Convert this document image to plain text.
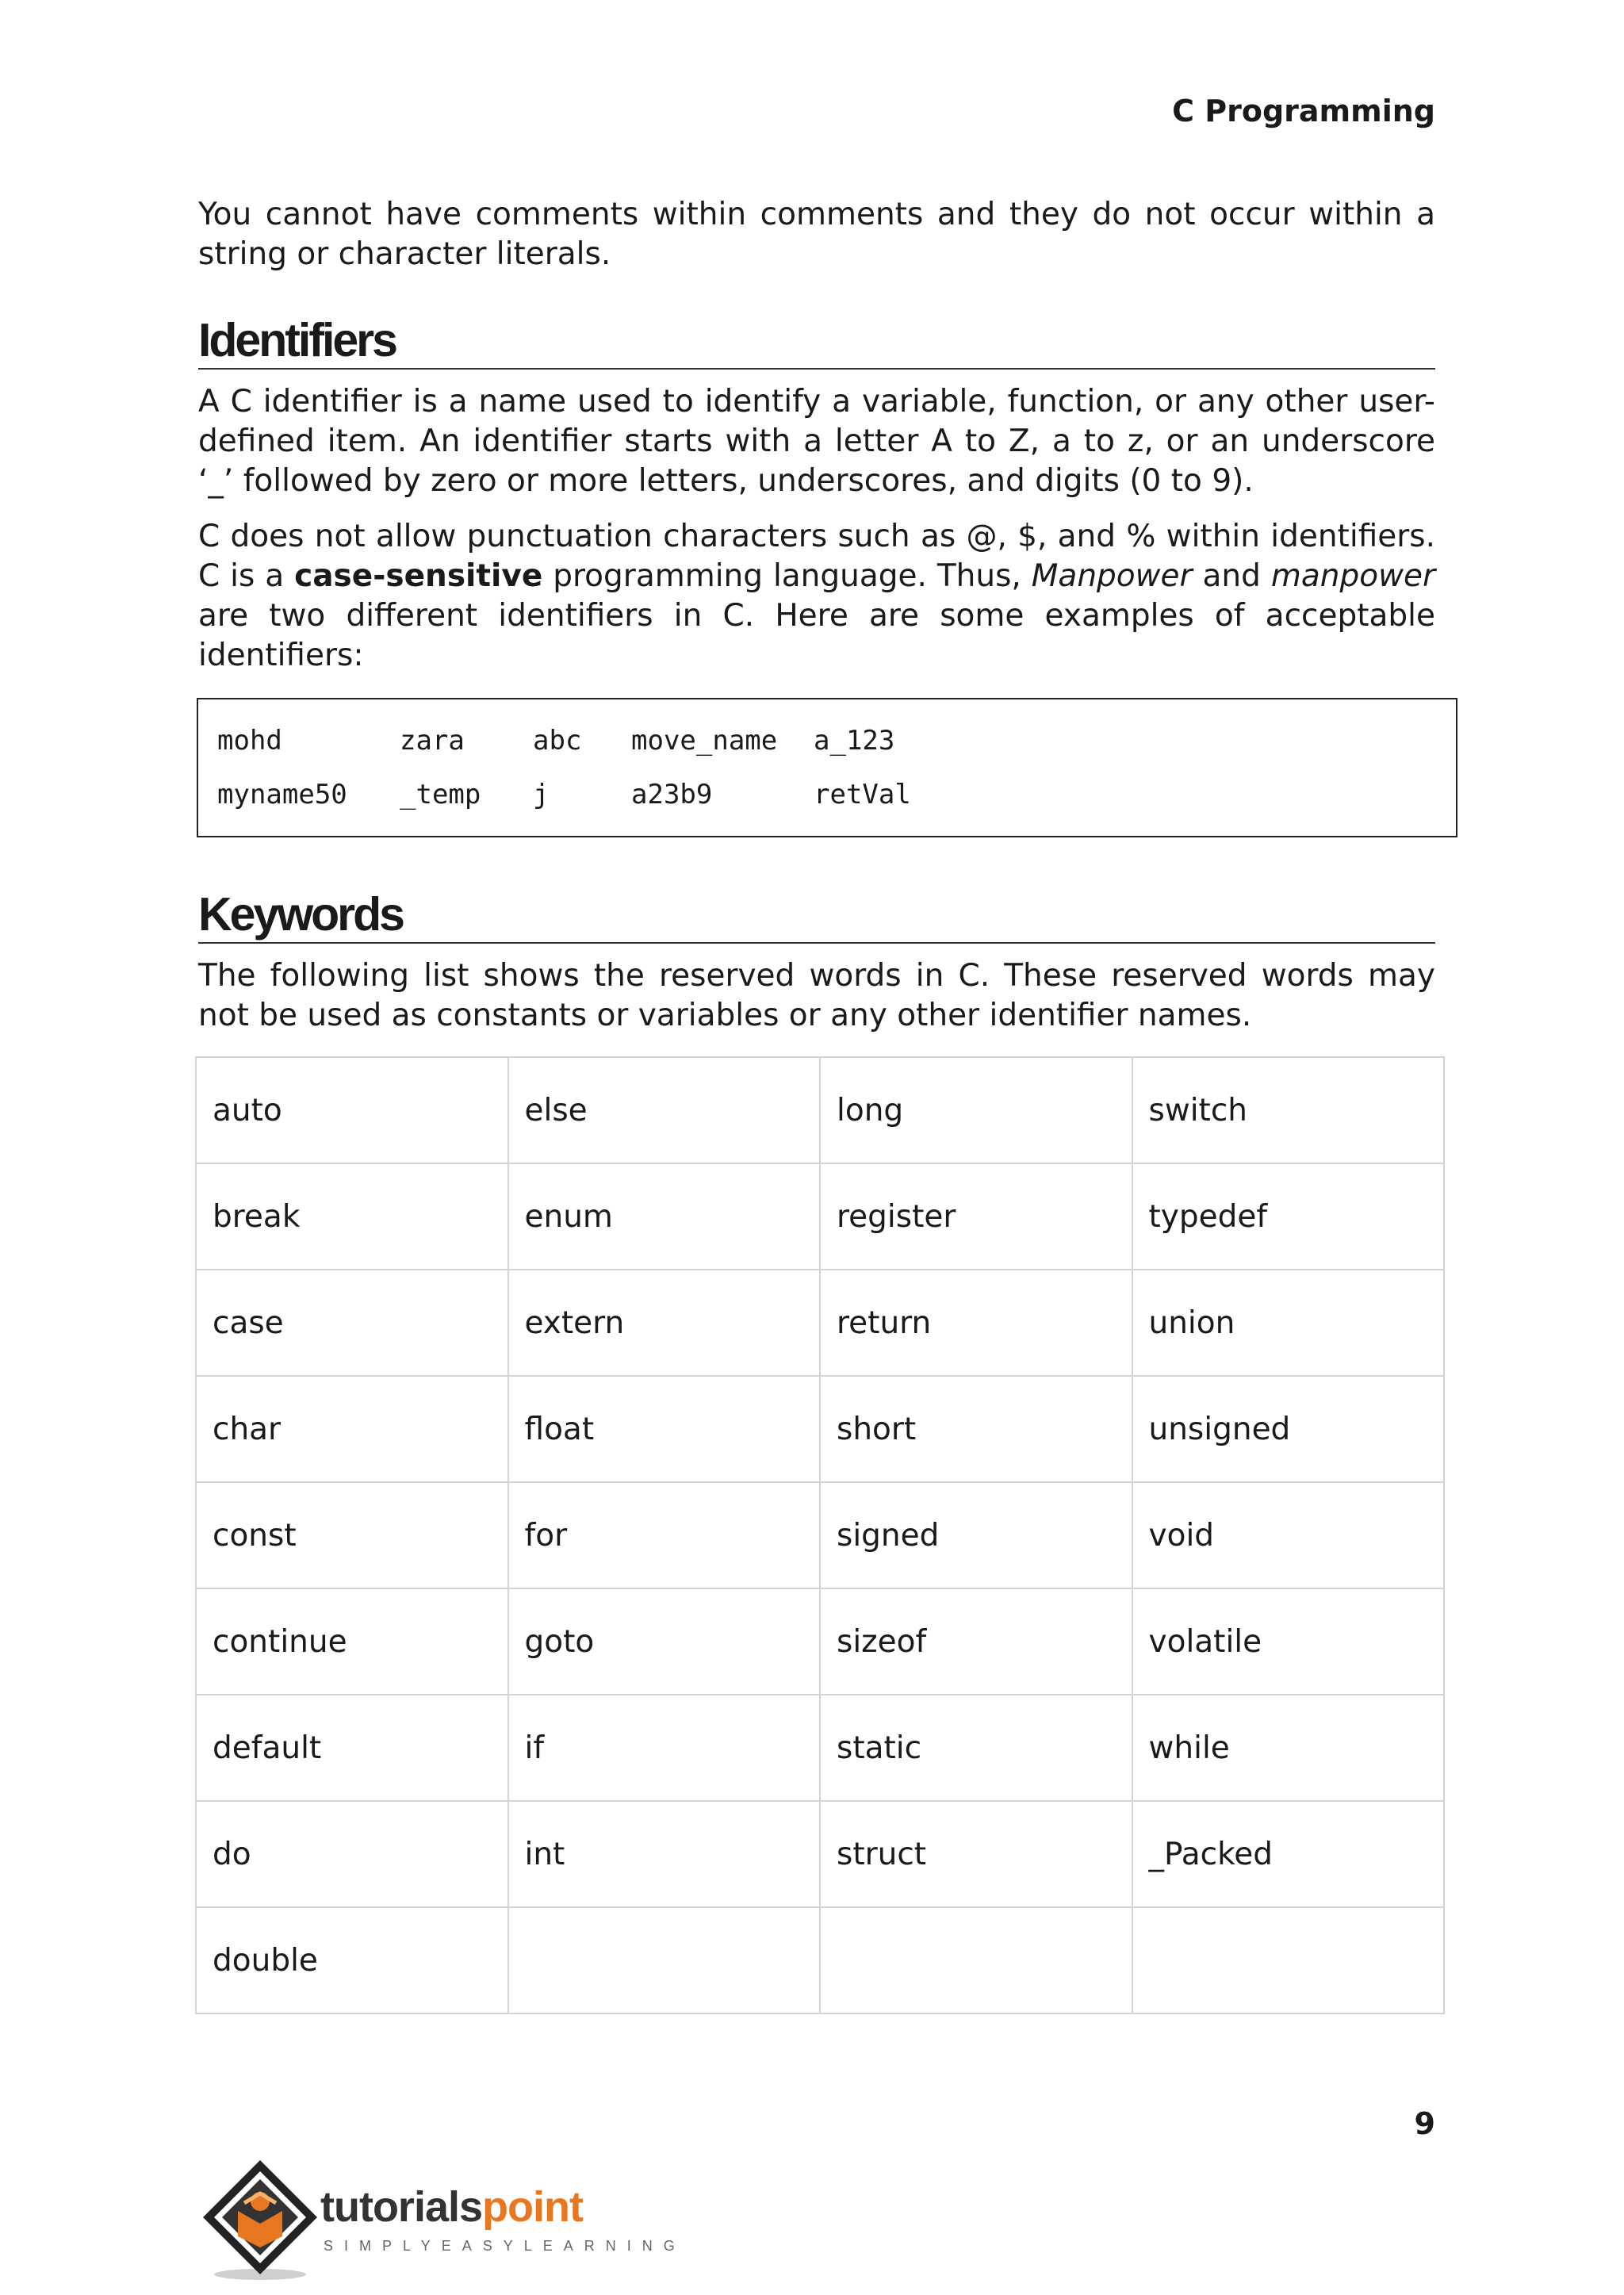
C Programming

You cannot have comments within comments and they do not occur within a string or character literals.

Identifiers

A C identifier is a name used to identify a variable, function, or any other user-defined item. An identifier starts with a letter A to Z, a to z, or an underscore ‘_’ followed by zero or more letters, underscores, and digits (0 to 9).

C does not allow punctuation characters such as @, $, and % within identifiers. C is a case-sensitive programming language. Thus, Manpower and manpower are two different identifiers in C. Here are some examples of acceptable identifiers:

mohd	zara	abc	move_name	a_123
myname50	_temp	j	a23b9	retVal
Keywords

The following list shows the reserved words in C. These reserved words may not be used as constants or variables or any other identifier names.

auto	else	long	switch
break	enum	register	typedef
case	extern	return	union
char	float	short	unsigned
const	for	signed	void
continue	goto	sizeof	volatile
default	if	static	while
do	int	struct	_Packed
double			
9
tutorialspoint
SIMPLYEASYLEARNING
